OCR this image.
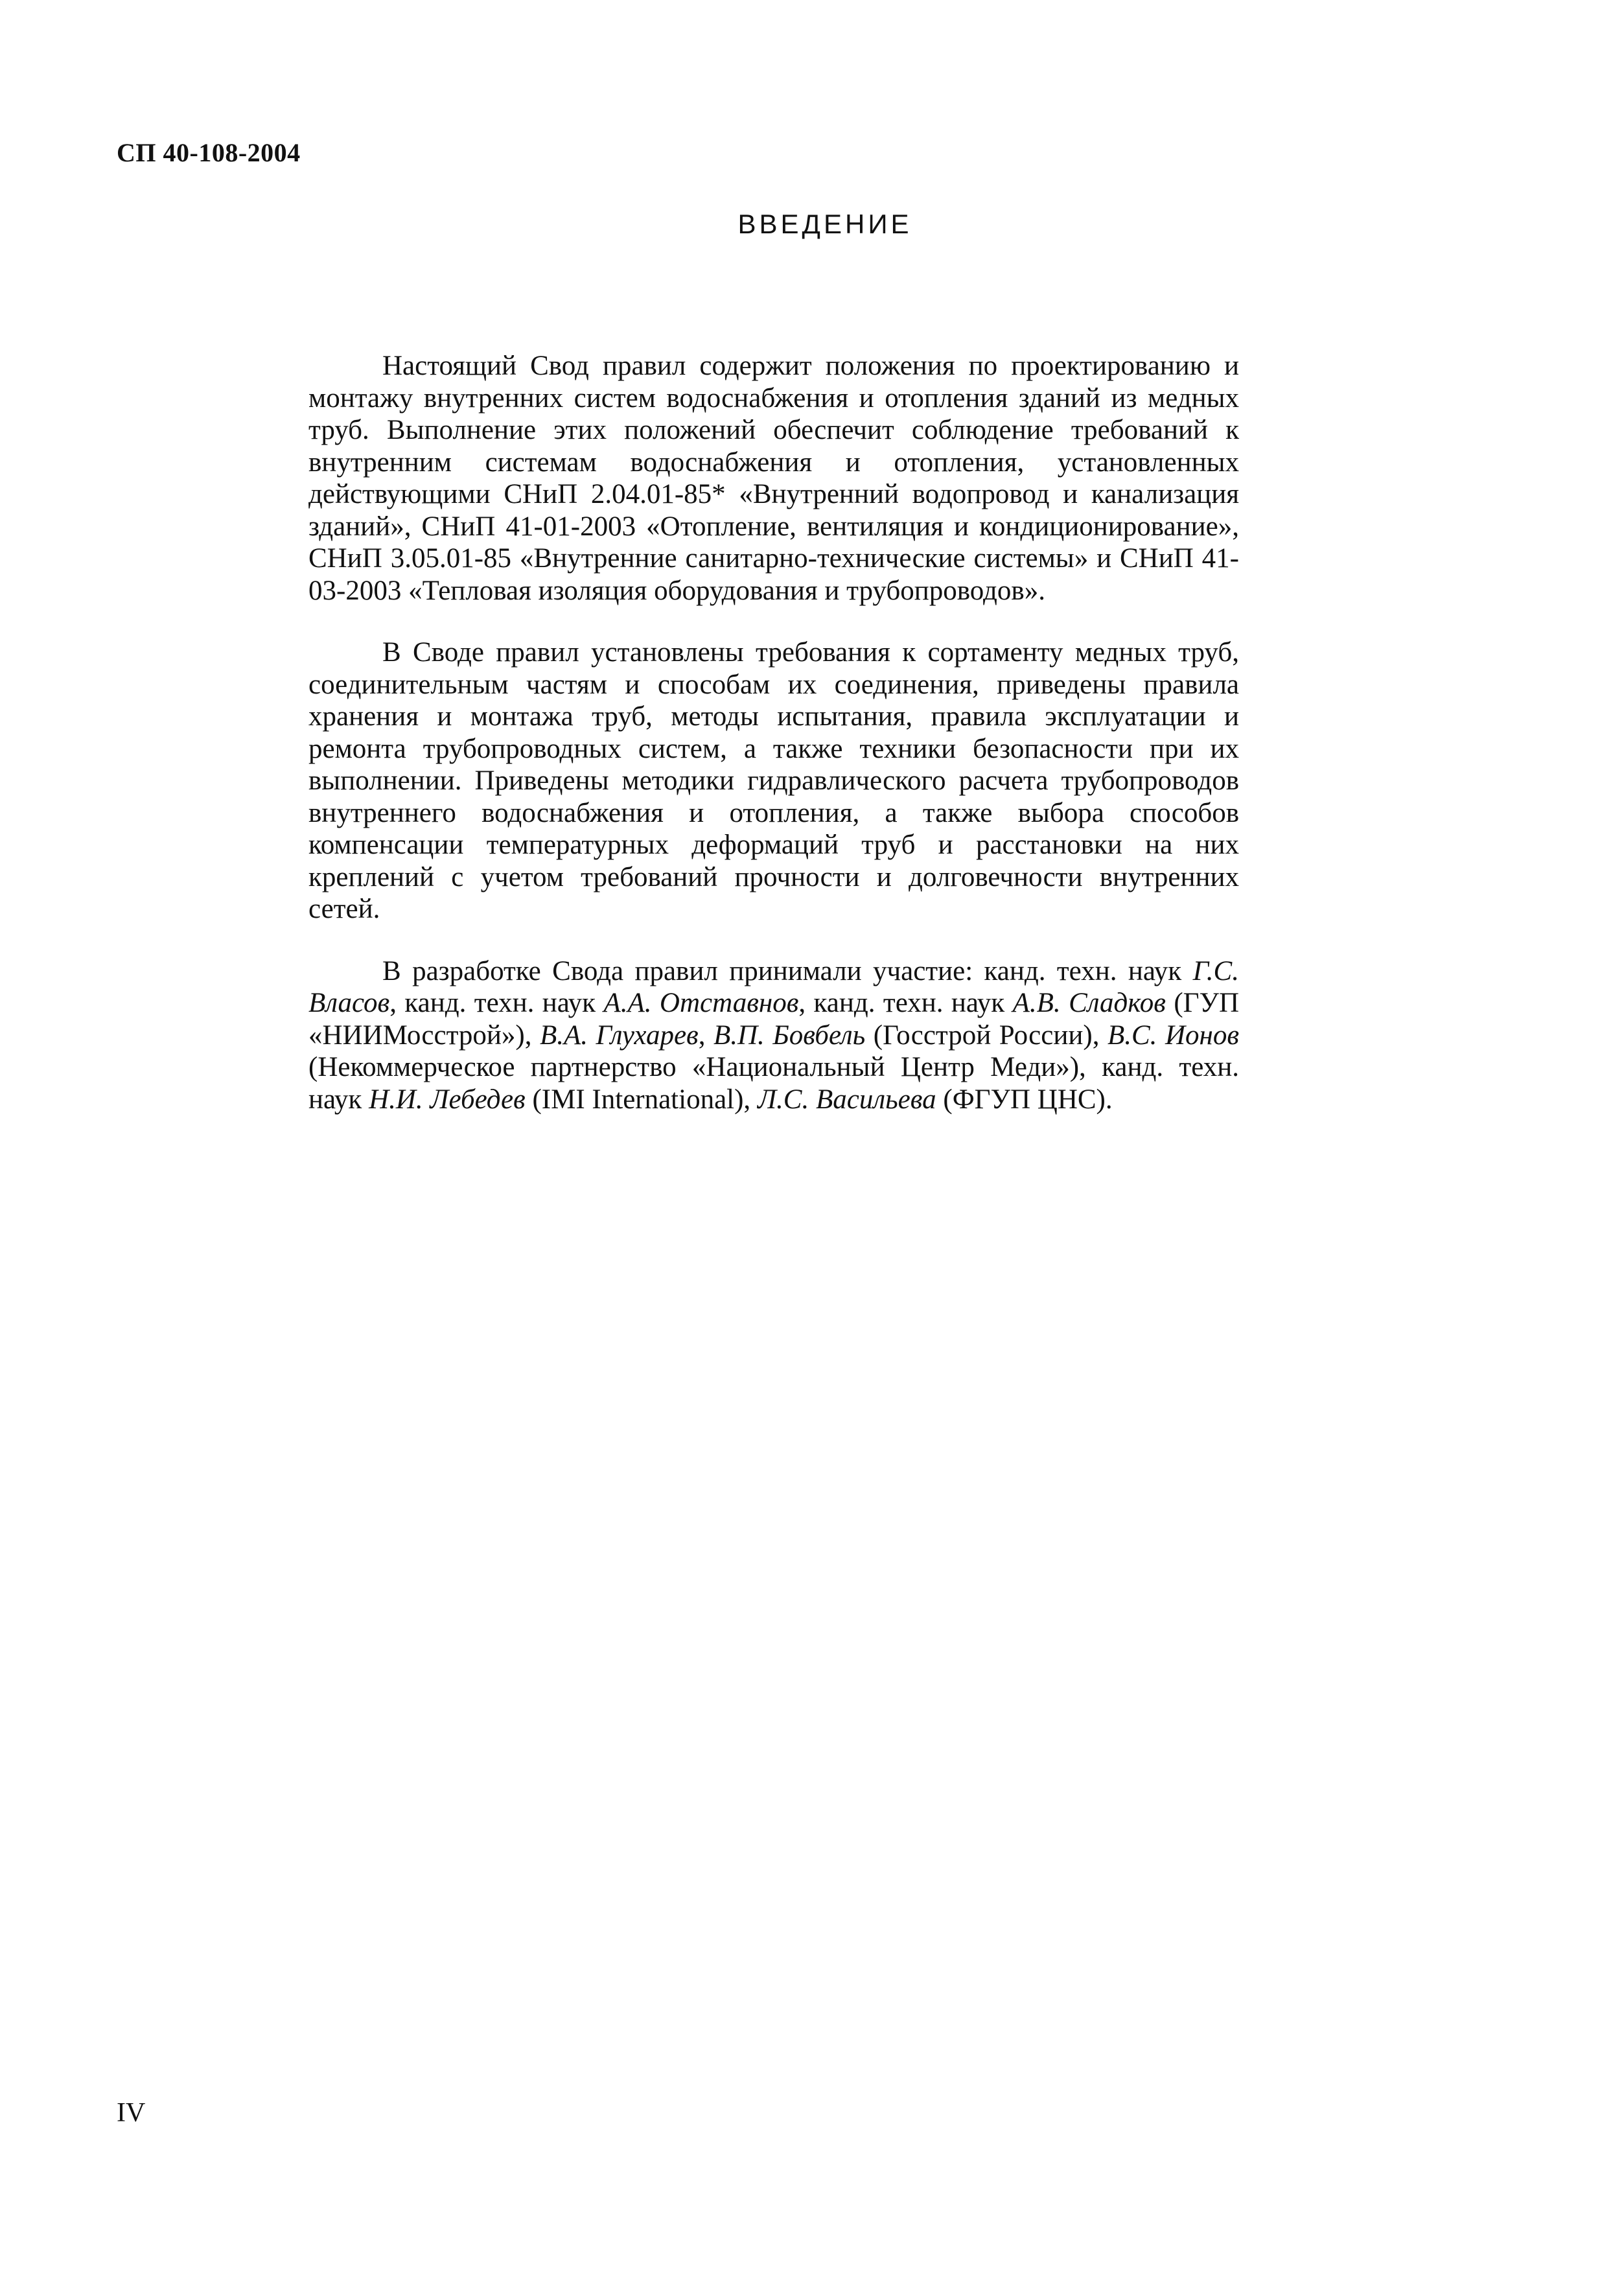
СП 40-108-2004
ВВЕДЕНИЕ

Настоящий Свод правил содержит положения по проектированию и монтажу внутренних систем водоснабжения и отопления зданий из медных труб. Выполнение этих положений обеспечит соблюдение требований к внутренним системам водоснабжения и отопления, установленных действующими СНиП 2.04.01-85* «Внутренний водопровод и канализация зданий», СНиП 41-01-2003 «Отопление, вентиляция и кондиционирование», СНиП 3.05.01-85 «Внутренние санитарно-технические системы» и СНиП 41-03-2003 «Тепловая изоляция оборудования и трубопроводов».

В Своде правил установлены требования к сортаменту медных труб, соединительным частям и способам их соединения, приведены правила хранения и монтажа труб, методы испытания, правила эксплуатации и ремонта трубопроводных систем, а также техники безопасности при их выполнении. Приведены методики гидравлического расчета трубопроводов внутреннего водоснабжения и отопления, а также выбора способов компенсации температурных деформаций труб и расстановки на них креплений с учетом требований прочности и долговечности внутренних сетей.

В разработке Свода правил принимали участие: канд. техн. наук Г.С. Власов, канд. техн. наук А.А. Отставнов, канд. техн. наук А.В. Сладков (ГУП «НИИМосстрой»), В.А. Глухарев, В.П. Бовбель (Госстрой России), В.С. Ионов (Некоммерческое партнерство «Национальный Центр Меди»), канд. техн. наук Н.И. Лебедев (IMI International), Л.С. Васильева (ФГУП ЦНС).

IV
